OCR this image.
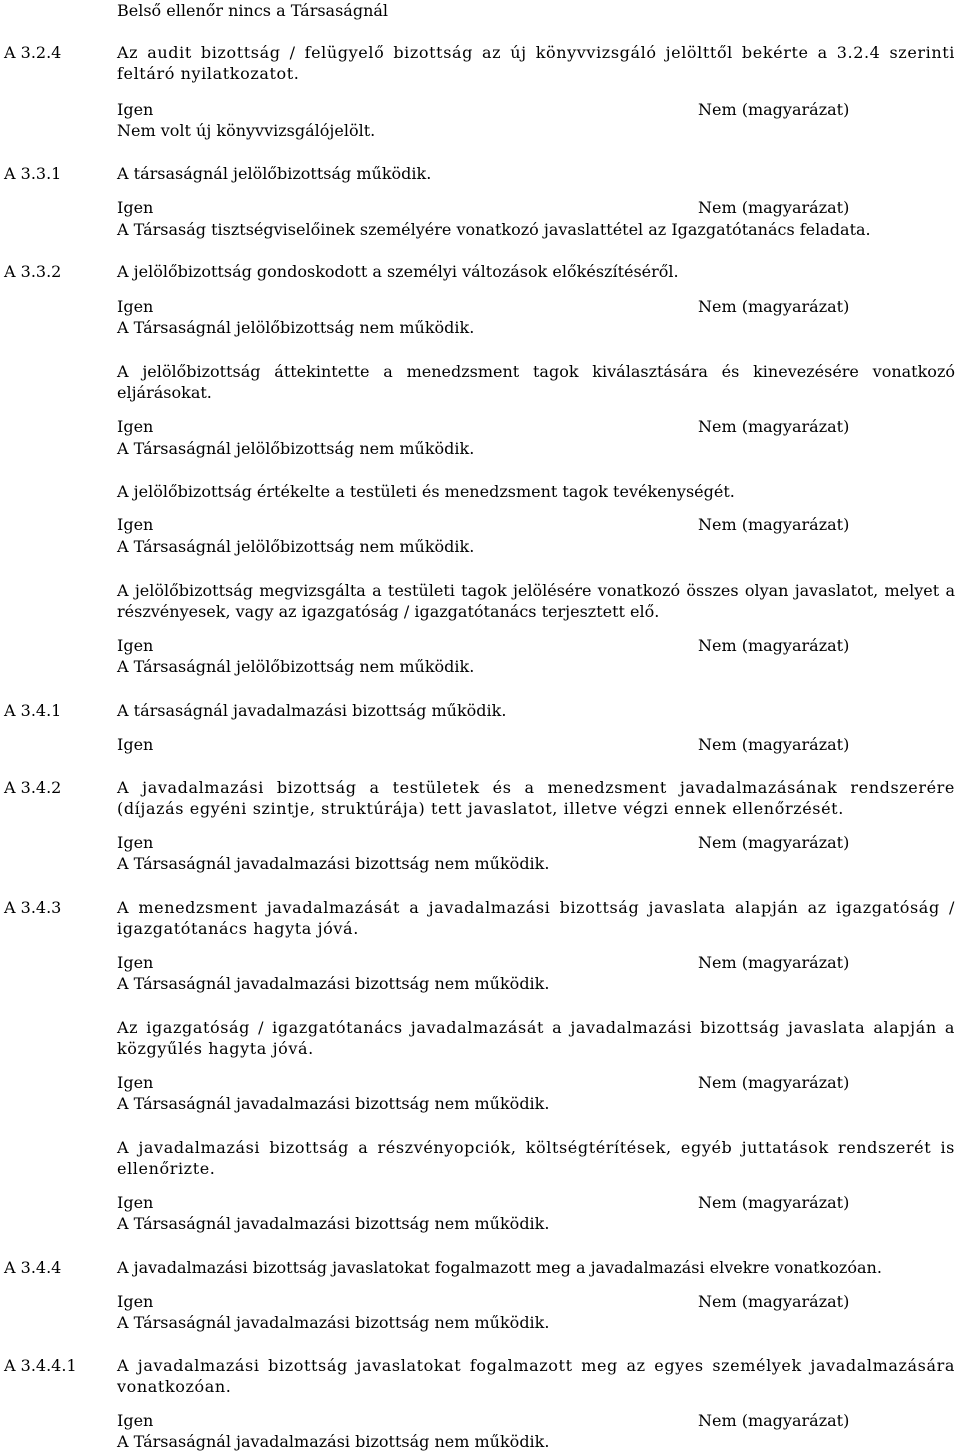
Belső ellenőr nincs a Társaságnál
A 3.2.4	Az audit bizottság / felügyelő bizottság az új könyvvizsgáló jelölttől bekérte a 3.2.4 szerinti feltáró nyilatkozatot.

Igen	Nem (magyarázat)
Nem volt új könyvvizsgálójelölt.
A 3.3.1	A társaságnál jelölőbizottság működik.

Igen	Nem (magyarázat)
A Társaság tisztségviselőinek személyére vonatkozó javaslattétel az Igazgatótanács feladata.
A 3.3.2	A jelölőbizottság gondoskodott a személyi változások előkészítéséről.

Igen	Nem (magyarázat)
A Társaságnál jelölőbizottság nem működik.

A jelölőbizottság áttekintette a menedzsment tagok kiválasztására és kinevezésére vonatkozó eljárásokat.

Igen	Nem (magyarázat)
A Társaságnál jelölőbizottság nem működik.

A jelölőbizottság értékelte a testületi és menedzsment tagok tevékenységét.

Igen	Nem (magyarázat)
A Társaságnál jelölőbizottság nem működik.

A jelölőbizottság megvizsgálta a testületi tagok jelölésére vonatkozó összes olyan javaslatot, melyet a részvényesek, vagy az igazgatóság / igazgatótanács terjesztett elő.

Igen	Nem (magyarázat)
A Társaságnál jelölőbizottság nem működik.
A 3.4.1	A társaságnál javadalmazási bizottság működik.

Igen	Nem (magyarázat)
A 3.4.2	A javadalmazási bizottság a testületek és a menedzsment javadalmazásának rendszerére (díjazás egyéni szintje, struktúrája) tett javaslatot, illetve végzi ennek ellenőrzését.

Igen	Nem (magyarázat)
A Társaságnál javadalmazási bizottság nem működik.
A 3.4.3	A menedzsment javadalmazását a javadalmazási bizottság javaslata alapján az igazgatóság / igazgatótanács hagyta jóvá.

Igen	Nem (magyarázat)
A Társaságnál javadalmazási bizottság nem működik.

Az igazgatóság / igazgatótanács javadalmazását a javadalmazási bizottság javaslata alapján a közgyűlés hagyta jóvá.

Igen	Nem (magyarázat)
A Társaságnál javadalmazási bizottság nem működik.

A javadalmazási bizottság a részvényopciók, költségtérítések, egyéb juttatások rendszerét is ellenőrizte.

Igen	Nem (magyarázat)
A Társaságnál javadalmazási bizottság nem működik.
A 3.4.4	A javadalmazási bizottság javaslatokat fogalmazott meg a javadalmazási elvekre vonatkozóan.

Igen	Nem (magyarázat)
A Társaságnál javadalmazási bizottság nem működik.
A 3.4.4.1	A javadalmazási bizottság javaslatokat fogalmazott meg az egyes személyek javadalmazására vonatkozóan.

Igen	Nem (magyarázat)
A Társaságnál javadalmazási bizottság nem működik.
